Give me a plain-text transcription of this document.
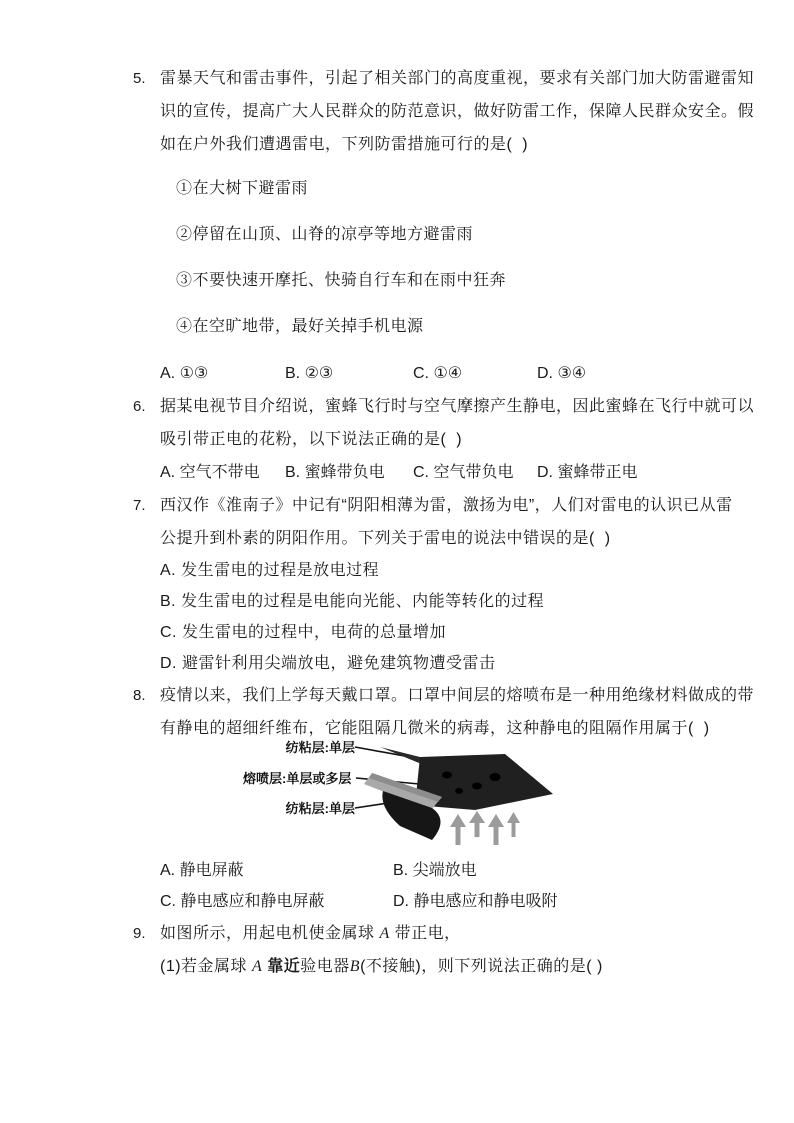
5. 雷暴天气和雷击事件，引起了相关部门的高度重视，要求有关部门加大防雷避雷知
识的宣传，提高广大人民群众的防范意识，做好防雷工作，保障人民群众安全。假
如在户外我们遭遇雷电，下列防雷措施可行的是(  )
①在大树下避雷雨
②停留在山顶、山脊的凉亭等地方避雷雨
③不要快速开摩托、快骑自行车和在雨中狂奔
④在空旷地带，最好关掉手机电源
A. ①③	B. ②③	C. ①④	D. ③④
6. 据某电视节目介绍说，蜜蜂飞行时与空气摩擦产生静电，因此蜜蜂在飞行中就可以
吸引带正电的花粉，以下说法正确的是(  )
A. 空气不带电	B. 蜜蜂带负电	C. 空气带负电	D. 蜜蜂带正电
7. 西汉作《淮南子》中记有“阴阳相薄为雷，激扬为电”，人们对雷电的认识已从雷
公提升到朴素的阴阳作用。下列关于雷电的说法中错误的是(  )
A. 发生雷电的过程是放电过程
B. 发生雷电的过程是电能向光能、内能等转化的过程
C. 发生雷电的过程中，电荷的总量增加
D. 避雷针利用尖端放电，避免建筑物遭受雷击
8. 疫情以来，我们上学每天戴口罩。口罩中间层的熔喷布是一种用绝缘材料做成的带
有静电的超细纤维布，它能阻隔几微米的病毒，这种静电的阻隔作用属于(  )
纺粘层:单层
熔喷层:单层或多层
纺粘层:单层
A. 静电屏蔽	B. 尖端放电
C. 静电感应和静电屏蔽	D. 静电感应和静电吸附
9. 如图所示，用起电机使金属球 A 带正电，
(1)若金属球 A 靠近验电器B(不接触)，则下列说法正确的是( )
